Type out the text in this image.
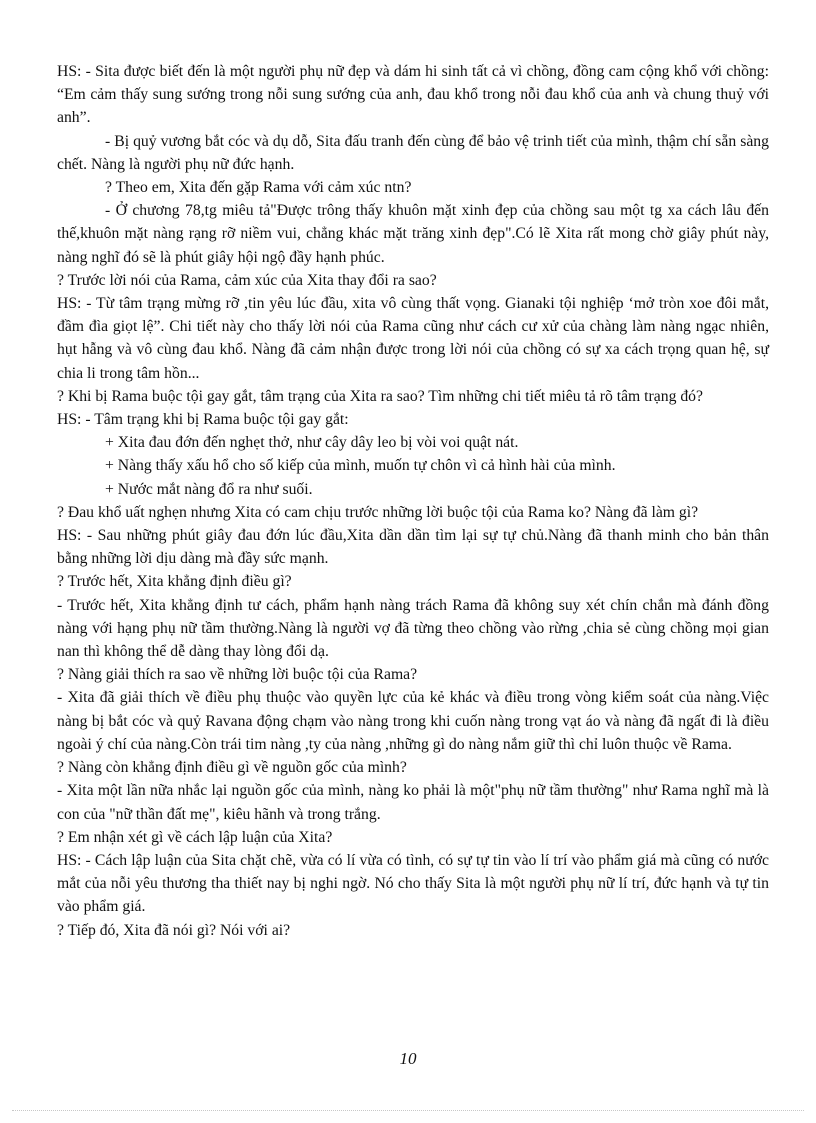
HS: - Sita được biết đến là một người phụ nữ đẹp và dám hi sinh tất cả vì chồng, đồng cam cộng khổ với chồng: “Em cảm thấy sung sướng trong nỗi sung sướng của anh, đau khổ trong nỗi đau khổ của anh và chung thuỷ với anh”.

- Bị quỷ vương bắt cóc và dụ dỗ, Sita đấu tranh đến cùng để bảo vệ trinh tiết của mình, thậm chí sẵn sàng chết. Nàng là người phụ nữ đức hạnh.

? Theo em, Xita đến gặp Rama với cảm xúc ntn?

- Ở chương 78,tg miêu tả"Được trông thấy khuôn mặt xinh đẹp của chồng sau một tg xa cách lâu đến thế,khuôn mặt nàng rạng rỡ niềm vui, chẳng khác mặt trăng xinh đẹp".Có lẽ Xita rất mong chờ giây phút này, nàng nghĩ đó sẽ là phút giây hội ngộ đầy hạnh phúc.

? Trước lời nói của Rama, cảm xúc của Xita thay đổi ra sao?

HS: - Từ tâm trạng mừng rỡ ,tin yêu lúc đầu, xita vô cùng thất vọng. Gianaki tội nghiệp ‘mở tròn xoe đôi mắt, đầm đìa giọt lệ”. Chi tiết này cho thấy lời nói của Rama cũng như cách cư xử của chàng làm nàng ngạc nhiên, hụt hẫng và vô cùng đau khổ. Nàng đã cảm nhận được trong lời nói của chồng có sự xa cách trọng quan hệ, sự chia li trong tâm hồn...

? Khi bị Rama buộc tội gay gắt, tâm trạng của Xita ra sao? Tìm những chi tiết miêu tả rõ tâm trạng đó?

HS: - Tâm trạng khi bị Rama buộc tội gay gắt:

+ Xita đau đớn đến nghẹt thở, như cây dây leo bị vòi voi quật nát.

+ Nàng thấy xấu hổ cho số kiếp của mình, muốn tự chôn vì cả hình hài của mình.

+ Nước mắt nàng đổ ra như suối.

? Đau khổ uất nghẹn nhưng Xita có cam chịu trước những lời buộc tội của Rama ko? Nàng đã làm gì?

HS: - Sau những phút giây đau đớn lúc đầu,Xita dần dần tìm lại sự tự chủ.Nàng đã thanh minh cho bản thân bằng những lời dịu dàng mà đầy sức mạnh.

? Trước hết, Xita khẳng định điều gì?

- Trước hết, Xita khẳng định tư cách, phẩm hạnh nàng trách Rama đã không suy xét chín chắn mà đánh đồng nàng với hạng phụ nữ tầm thường.Nàng là người vợ đã từng theo chồng vào rừng ,chia sẻ cùng chồng mọi gian nan thì không thể dễ dàng thay lòng đổi dạ.

? Nàng giải thích ra sao về những lời buộc tội của Rama?

- Xita đã giải thích về điều phụ thuộc vào quyền lực của kẻ khác và điều trong vòng kiểm soát của nàng.Việc nàng bị bắt cóc và quỷ Ravana động chạm vào nàng trong khi cuốn nàng trong vạt áo và nàng đã ngất đi là điều ngoài ý chí của nàng.Còn trái tim nàng ,ty của nàng ,những gì do nàng nắm giữ thì chỉ luôn thuộc về Rama.

? Nàng còn khẳng định điều gì về nguồn gốc của mình?

- Xita một lần nữa nhắc lại nguồn gốc của mình, nàng ko phải là một"phụ nữ tầm thường" như Rama nghĩ mà là con của "nữ thần đất mẹ", kiêu hãnh và trong trắng.

? Em nhận xét gì về cách lập luận của Xita?

HS: - Cách lập luận của Sita chặt chẽ, vừa có lí vừa có tình, có sự tự tin vào lí trí vào phẩm giá mà cũng có nước mắt của nỗi yêu thương tha thiết nay bị nghi ngờ. Nó cho thấy Sita là một người phụ nữ lí trí, đức hạnh và tự tin vào phẩm giá.

? Tiếp đó, Xita đã nói gì? Nói với ai?

10
